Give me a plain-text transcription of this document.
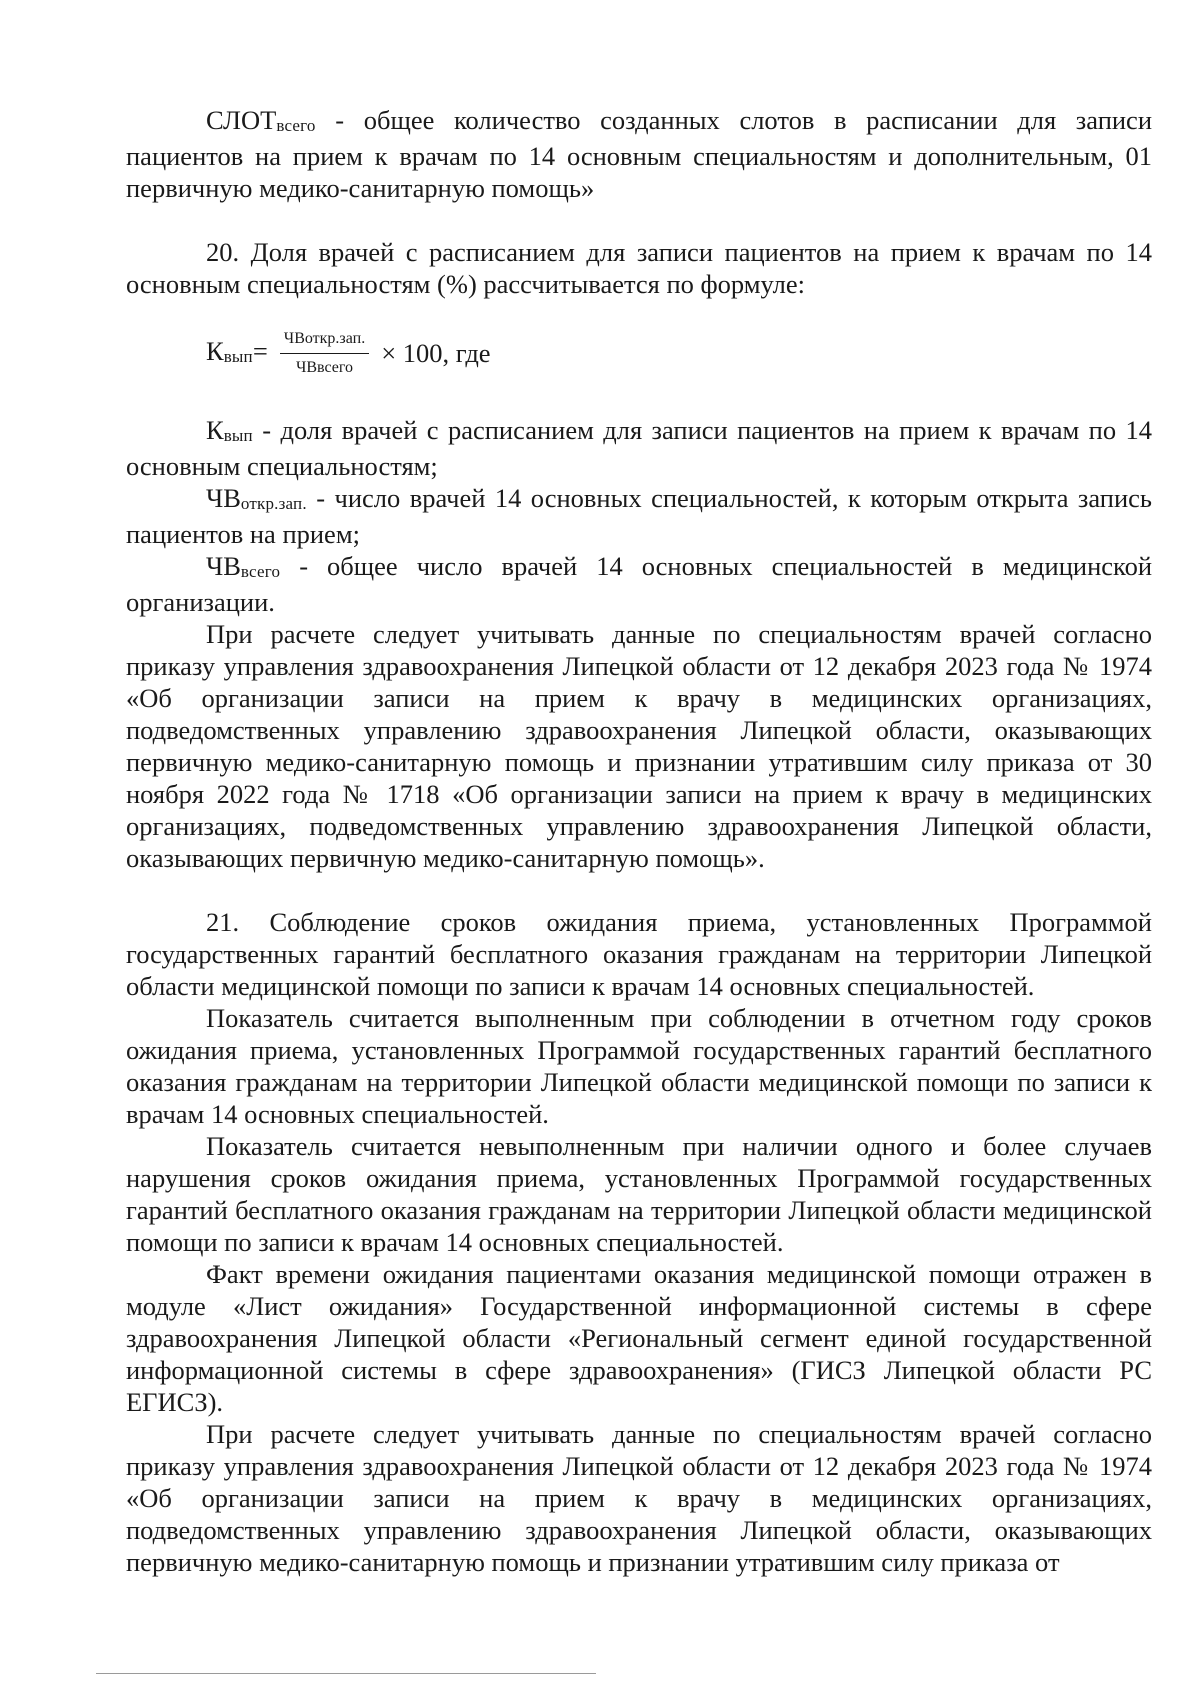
СЛОТвсего - общее количество созданных слотов в расписании для записи пациентов на прием к врачам по 14 основным специальностям и дополнительным, 01 первичную медико-санитарную помощь»

20. Доля врачей с расписанием для записи пациентов на прием к врачам по 14 основным специальностям (%) рассчитывается по формуле:

К вып = $\frac{\text{ЧВоткр.зап.}}{\text{ЧВвсего}} \times 100$, где

Квып - доля врачей с расписанием для записи пациентов на прием к врачам по 14 основным специальностям;

ЧВоткр.зап. - число врачей 14 основных специальностей, к которым открыта запись пациентов на прием;

ЧВвсего - общее число врачей 14 основных специальностей в медицинской организации.

При расчете следует учитывать данные по специальностям врачей согласно приказу управления здравоохранения Липецкой области от 12 декабря 2023 года № 1974 «Об организации записи на прием к врачу в медицинских организациях, подведомственных управлению здравоохранения Липецкой области, оказывающих первичную медико-санитарную помощь и признании утратившим силу приказа от 30 ноября 2022 года № 1718 «Об организации записи на прием к врачу в медицинских организациях, подведомственных управлению здравоохранения Липецкой области, оказывающих первичную медико-санитарную помощь».

21. Соблюдение сроков ожидания приема, установленных Программой государственных гарантий бесплатного оказания гражданам на территории Липецкой области медицинской помощи по записи к врачам 14 основных специальностей.

Показатель считается выполненным при соблюдении в отчетном году сроков ожидания приема, установленных Программой государственных гарантий бесплатного оказания гражданам на территории Липецкой области медицинской помощи по записи к врачам 14 основных специальностей.

Показатель считается невыполненным при наличии одного и более случаев нарушения сроков ожидания приема, установленных Программой государственных гарантий бесплатного оказания гражданам на территории Липецкой области медицинской помощи по записи к врачам 14 основных специальностей.

Факт времени ожидания пациентами оказания медицинской помощи отражен в модуле «Лист ожидания» Государственной информационной системы в сфере здравоохранения Липецкой области «Региональный сегмент единой государственной информационной системы в сфере здравоохранения» (ГИСЗ Липецкой области РС ЕГИСЗ).

При расчете следует учитывать данные по специальностям врачей согласно приказу управления здравоохранения Липецкой области от 12 декабря 2023 года № 1974 «Об организации записи на прием к врачу в медицинских организациях, подведомственных управлению здравоохранения Липецкой области, оказывающих первичную медико-санитарную помощь и признании утратившим силу приказа от
